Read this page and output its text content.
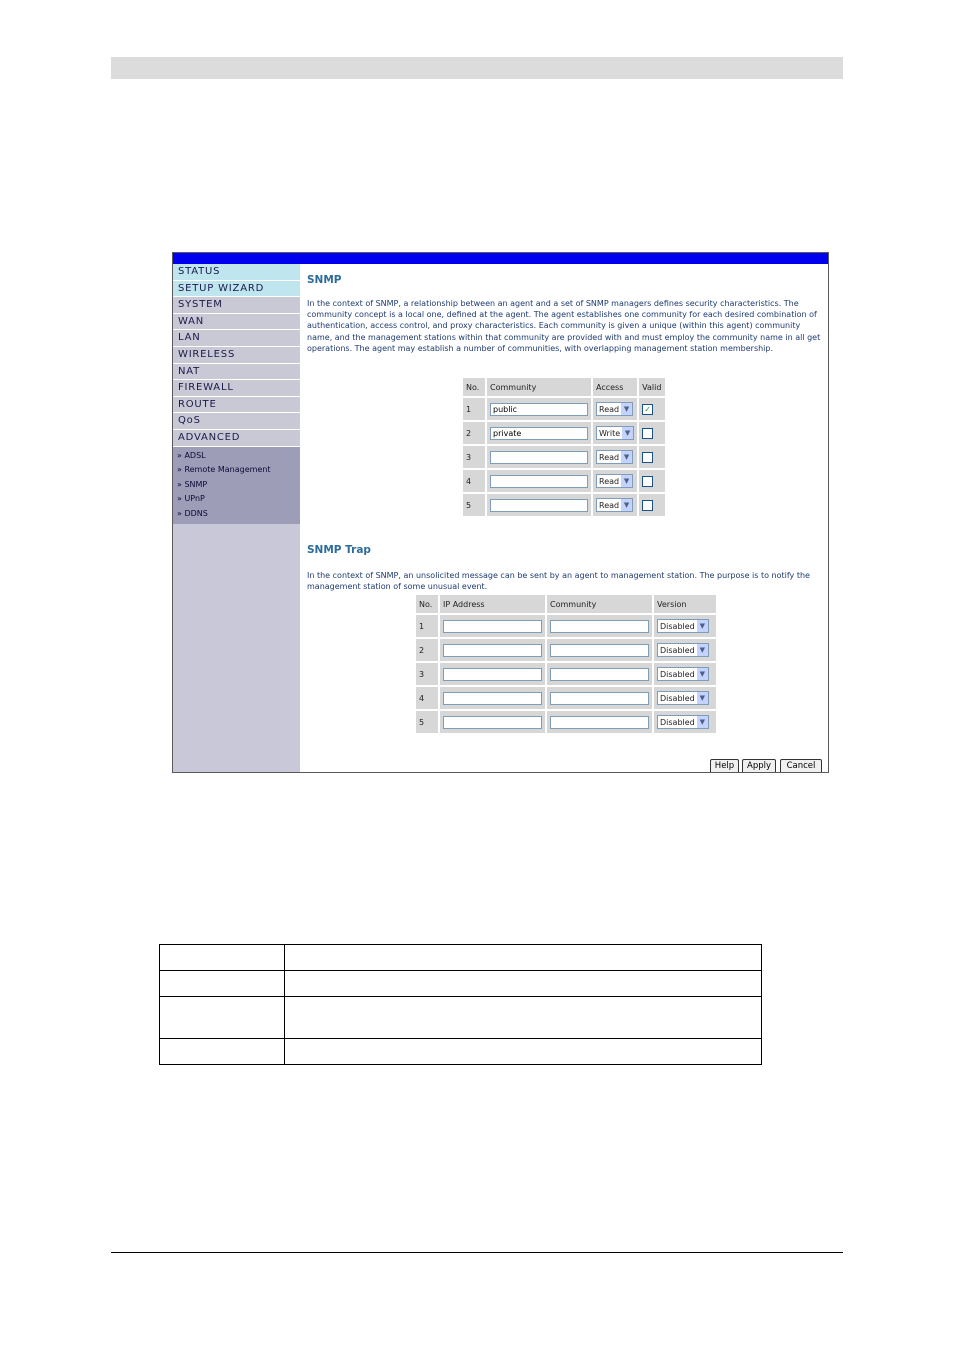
STATUS
SETUP WIZARD
SYSTEM
WAN
LAN
WIRELESS
NAT
FIREWALL
ROUTE
QoS
ADVANCED
» ADSL
» Remote Management
» SNMP
» UPnP
» DDNS
SNMP
In the context of SNMP, a relationship between an agent and a set of SNMP managers defines security characteristics. The community concept is a local one, defined at the agent. The agent establishes one community for each desired combination of authentication, access control, and proxy characteristics. Each community is given a unique (within this agent) community name, and the management stations within that community are provided with and must employ the community name in all get operations. The agent may establish a number of communities, with overlapping management station membership.
No.	Community	Access	Valid
1	public	Read ▼	✓
2	private	Write ▼	

3		Read ▼	

4		Read ▼	

5		Read ▼	

SNMP Trap
In the context of SNMP, an unsolicited message can be sent by an agent to management station. The purpose is to notify the management station of some unusual event.
No.	IP Address	Community	Version
1			Disabled ▼

2			Disabled ▼

3			Disabled ▼

4			Disabled ▼

5			Disabled ▼
Help	Apply	Cancel
